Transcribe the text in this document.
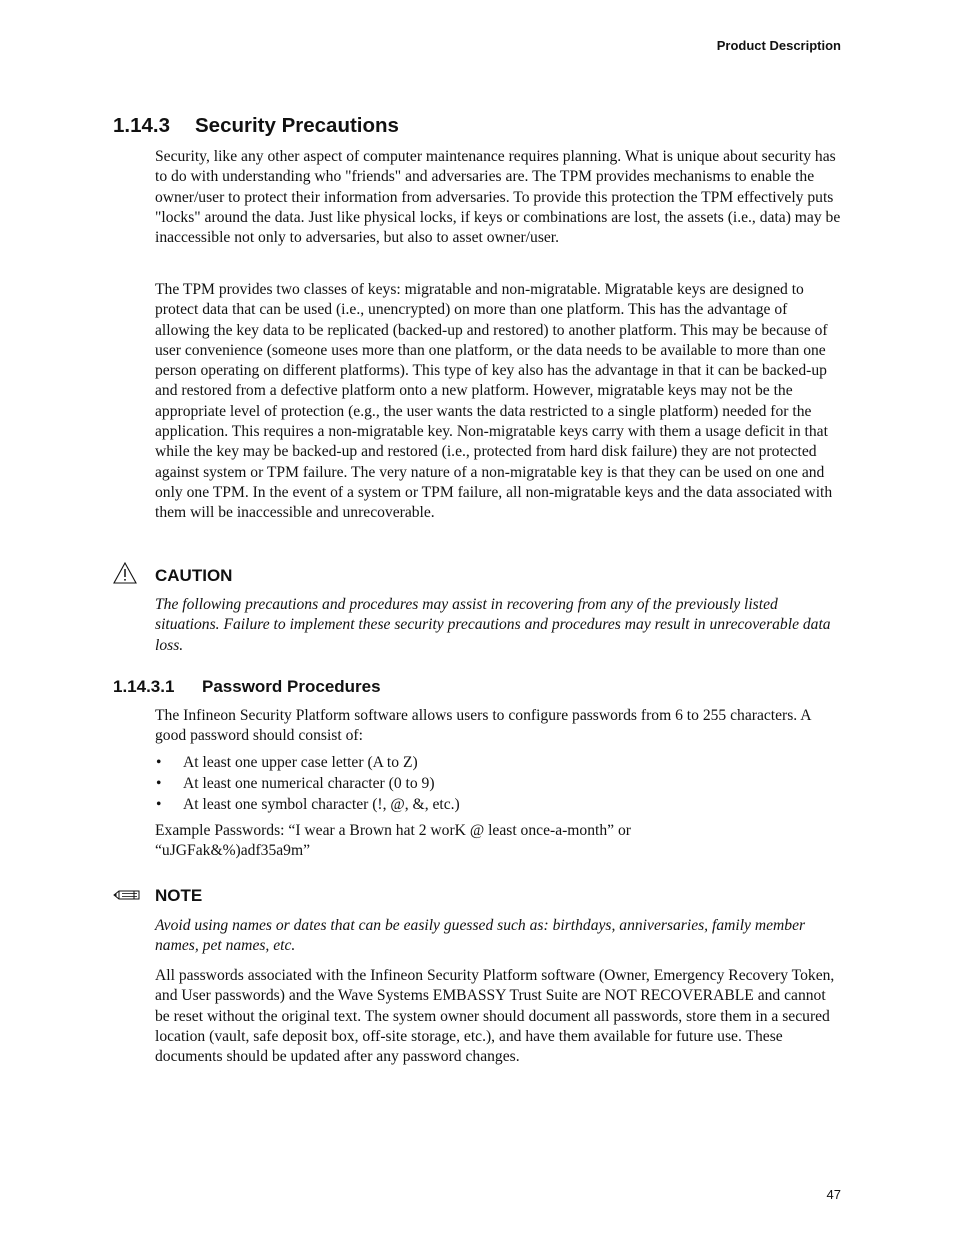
Product Description
1.14.3 Security Precautions

Security, like any other aspect of computer maintenance requires planning. What is unique about security has to do with understanding who "friends" and adversaries are. The TPM provides mechanisms to enable the owner/user to protect their information from adversaries. To provide this protection the TPM effectively puts "locks" around the data. Just like physical locks, if keys or combinations are lost, the assets (i.e., data) may be inaccessible not only to adversaries, but also to asset owner/user.

The TPM provides two classes of keys: migratable and non-migratable. Migratable keys are designed to protect data that can be used (i.e., unencrypted) on more than one platform. This has the advantage of allowing the key data to be replicated (backed-up and restored) to another platform. This may be because of user convenience (someone uses more than one platform, or the data needs to be available to more than one person operating on different platforms). This type of key also has the advantage in that it can be backed-up and restored from a defective platform onto a new platform. However, migratable keys may not be the appropriate level of protection (e.g., the user wants the data restricted to a single platform) needed for the application. This requires a non-migratable key. Non-migratable keys carry with them a usage deficit in that while the key may be backed-up and restored (i.e., protected from hard disk failure) they are not protected against system or TPM failure. The very nature of a non-migratable key is that they can be used on one and only one TPM. In the event of a system or TPM failure, all non-migratable keys and the data associated with them will be inaccessible and unrecoverable.

CAUTION

The following precautions and procedures may assist in recovering from any of the previously listed situations. Failure to implement these security precautions and procedures may result in unrecoverable data loss.

1.14.3.1 Password Procedures

The Infineon Security Platform software allows users to configure passwords from 6 to 255 characters. A good password should consist of:

• At least one upper case letter (A to Z)
• At least one numerical character (0 to 9)
• At least one symbol character (!, @, &, etc.)

Example Passwords: “I wear a Brown hat 2 worK @ least once-a-month” or “uJGFak&%)adf35a9m”

NOTE

Avoid using names or dates that can be easily guessed such as: birthdays, anniversaries, family member names, pet names, etc.

All passwords associated with the Infineon Security Platform software (Owner, Emergency Recovery Token, and User passwords) and the Wave Systems EMBASSY Trust Suite are NOT RECOVERABLE and cannot be reset without the original text. The system owner should document all passwords, store them in a secured location (vault, safe deposit box, off-site storage, etc.), and have them available for future use. These documents should be updated after any password changes.

47
